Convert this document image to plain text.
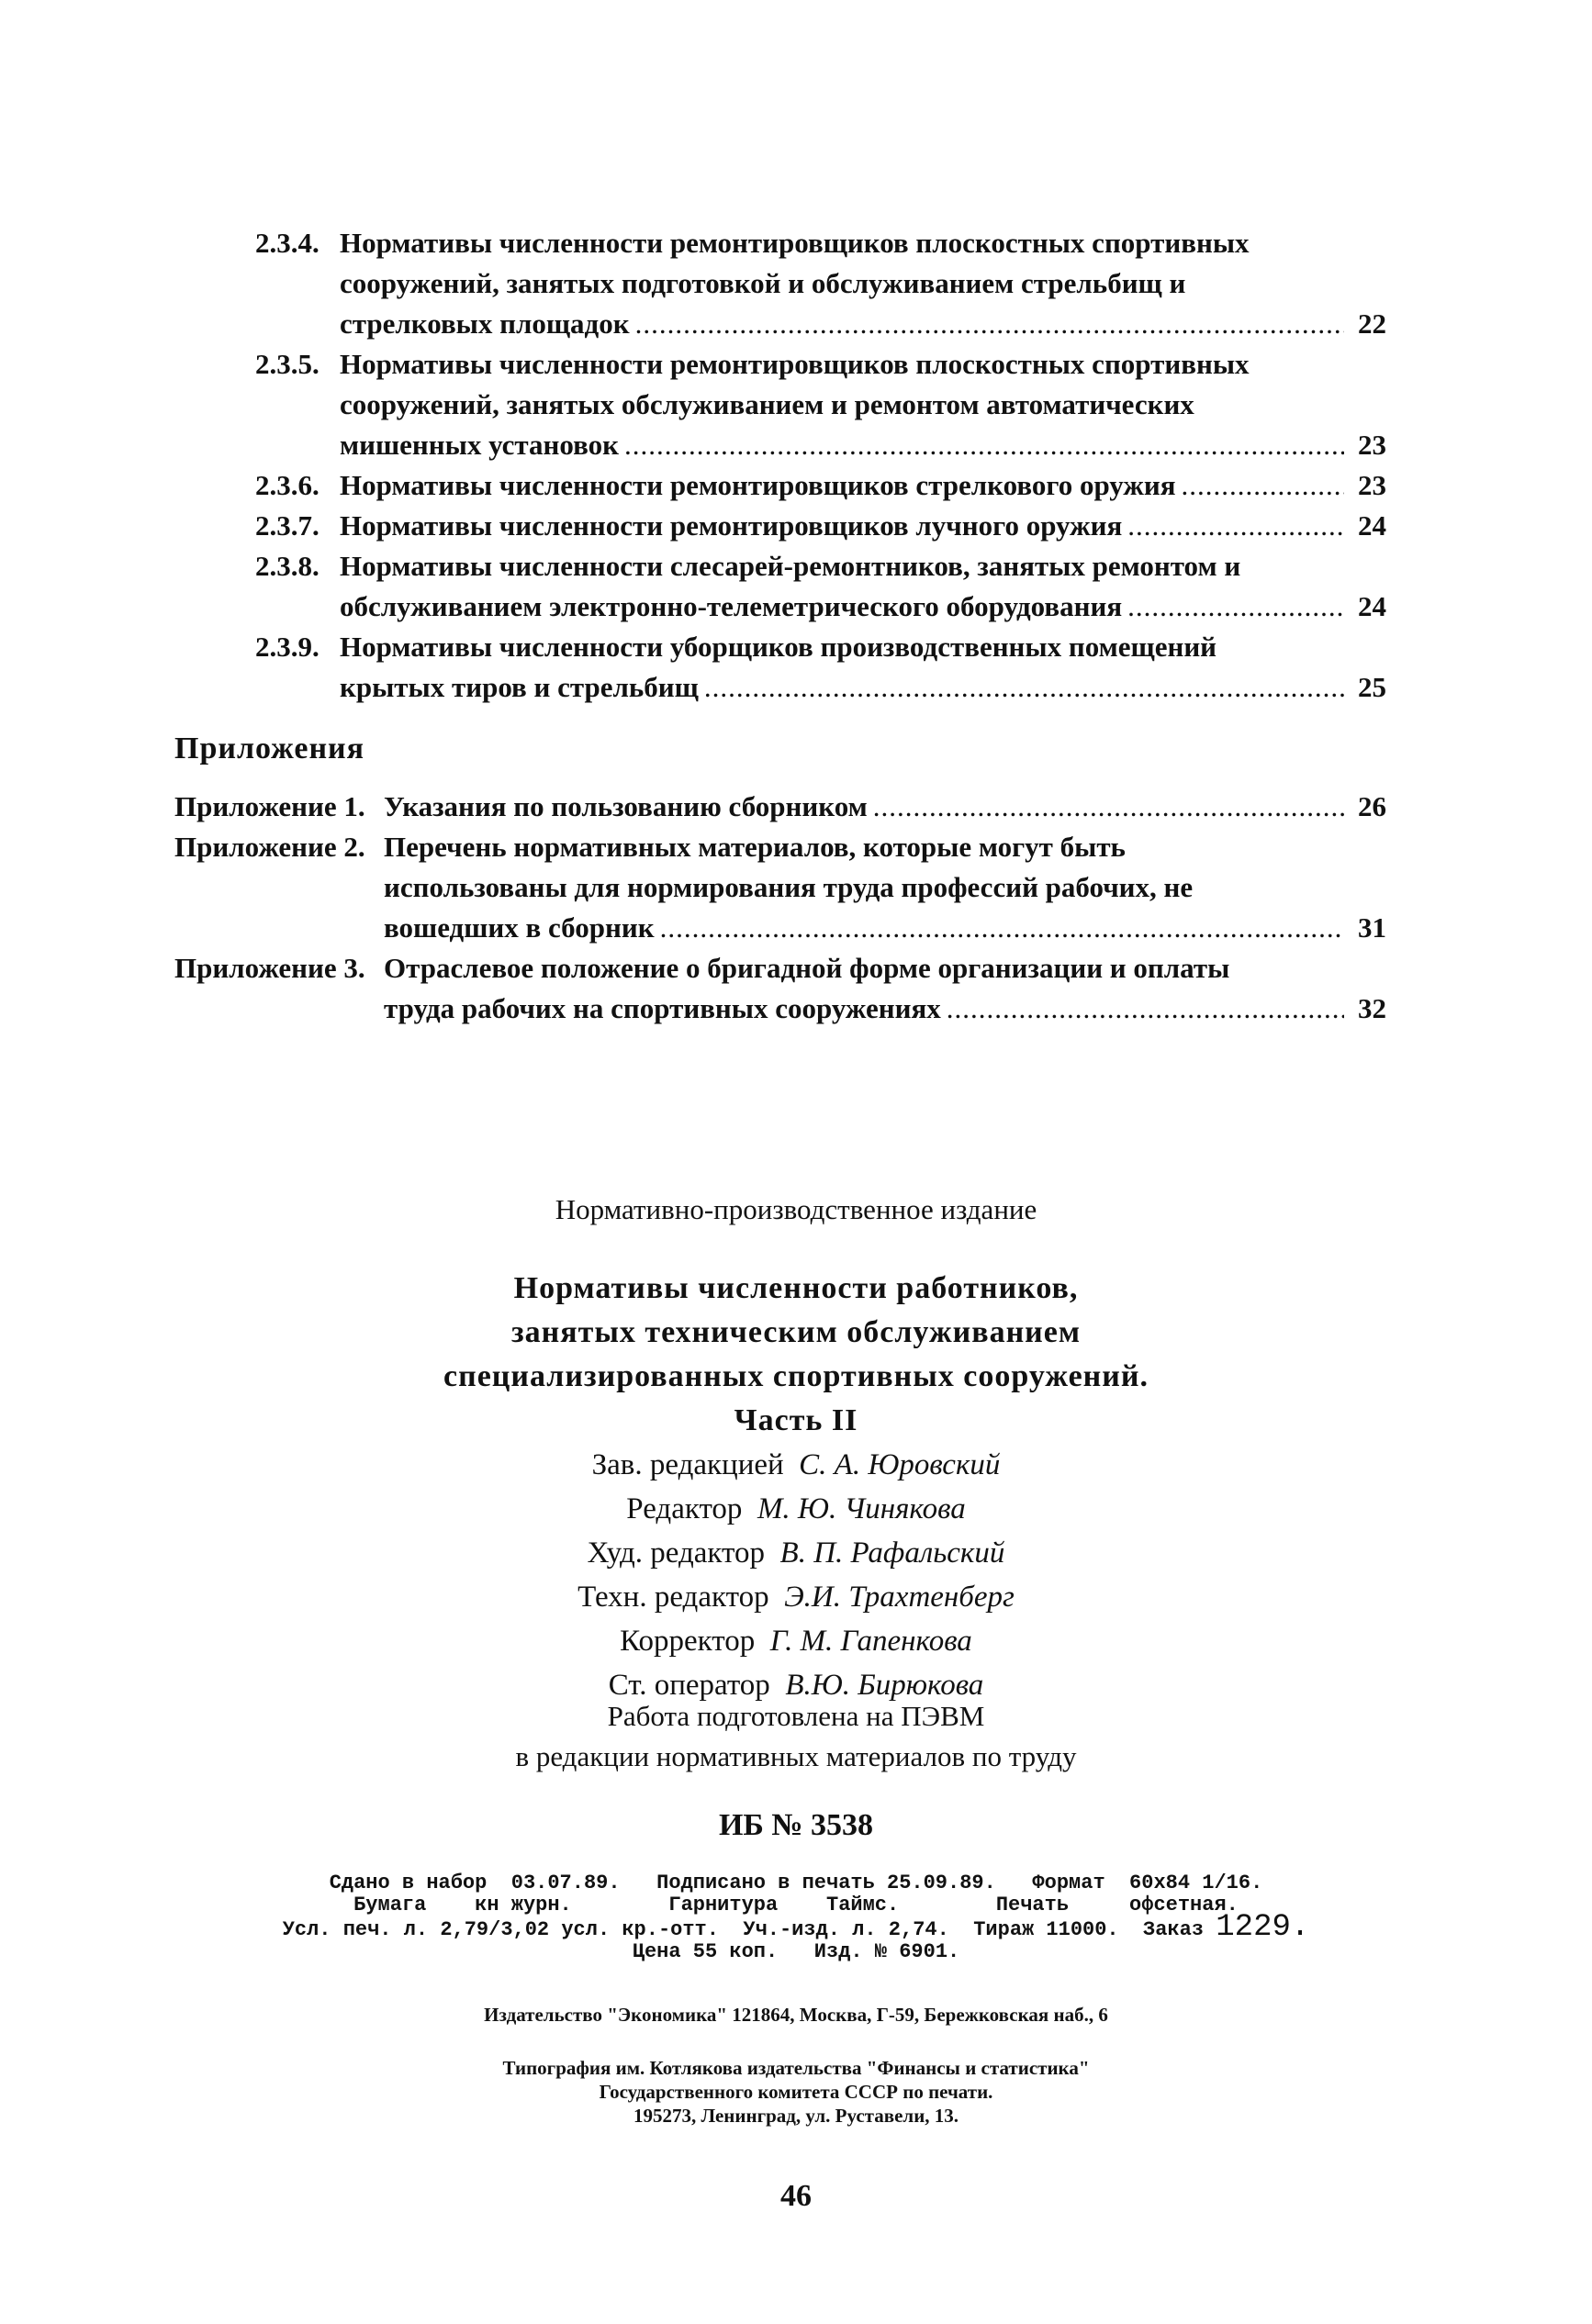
2.3.4. Нормативы численности ремонтировщиков плоскостных спортивных
сооружений, занятых подготовкой и обслуживанием стрельбищ и
стрелковых площадок .....	22
2.3.5. Нормативы численности ремонтировщиков плоскостных спортивных
сооружений, занятых обслуживанием и ремонтом автоматических
мишенных установок .....	23
2.3.6. Нормативы численности ремонтировщиков стрелкового оружия .....	23
2.3.7. Нормативы численности ремонтировщиков лучного оружия .....	24
2.3.8. Нормативы численности слесарей-ремонтников, занятых ремонтом и
обслуживанием электронно-телеметрического оборудования .....	24
2.3.9. Нормативы численности уборщиков производственных помещений
крытых тиров и стрельбищ .....	25
Приложения
Приложение 1. Указания по пользованию сборником .....	26
Приложение 2. Перечень нормативных материалов, которые могут быть
использованы для нормирования труда профессий рабочих, не
вошедших в сборник .....	31
Приложение 3. Отраслевое положение о бригадной форме организации и оплаты
труда рабочих на спортивных сооружениях .....	32
Нормативно-производственное издание
Нормативы численности работников,
занятых техническим обслуживанием
специализированных спортивных сооружений.
Часть II
Зав. редакцией С. А. Юровский
Редактор М. Ю. Чинякова
Худ. редактор В. П. Рафальский
Техн. редактор Э.И. Трахтенберг
Корректор Г. М. Гапенкова
Ст. оператор В.Ю. Бирюкова
Работа подготовлена на ПЭВМ
в редакции нормативных материалов по труду
ИБ № 3538
Сдано в набор  03.07.89.   Подписано в печать 25.09.89.   Формат  60x84 1/16.
Бумага    кн журн.        Гарнитура    Таймс.        Печать     офсетная.
Усл. печ. л. 2,79/3,02 усл. кр.-отт.  Уч.-изд. л. 2,74.  Тираж 11000.  Заказ 1229.
Цена 55 коп.   Изд. № 6901.
Издательство "Экономика" 121864, Москва, Г-59, Бережковская наб., 6
Типография им. Котлякова издательства "Финансы и статистика"
Государственного комитета СССР по печати.
195273, Ленинград, ул. Руставели, 13.
46
